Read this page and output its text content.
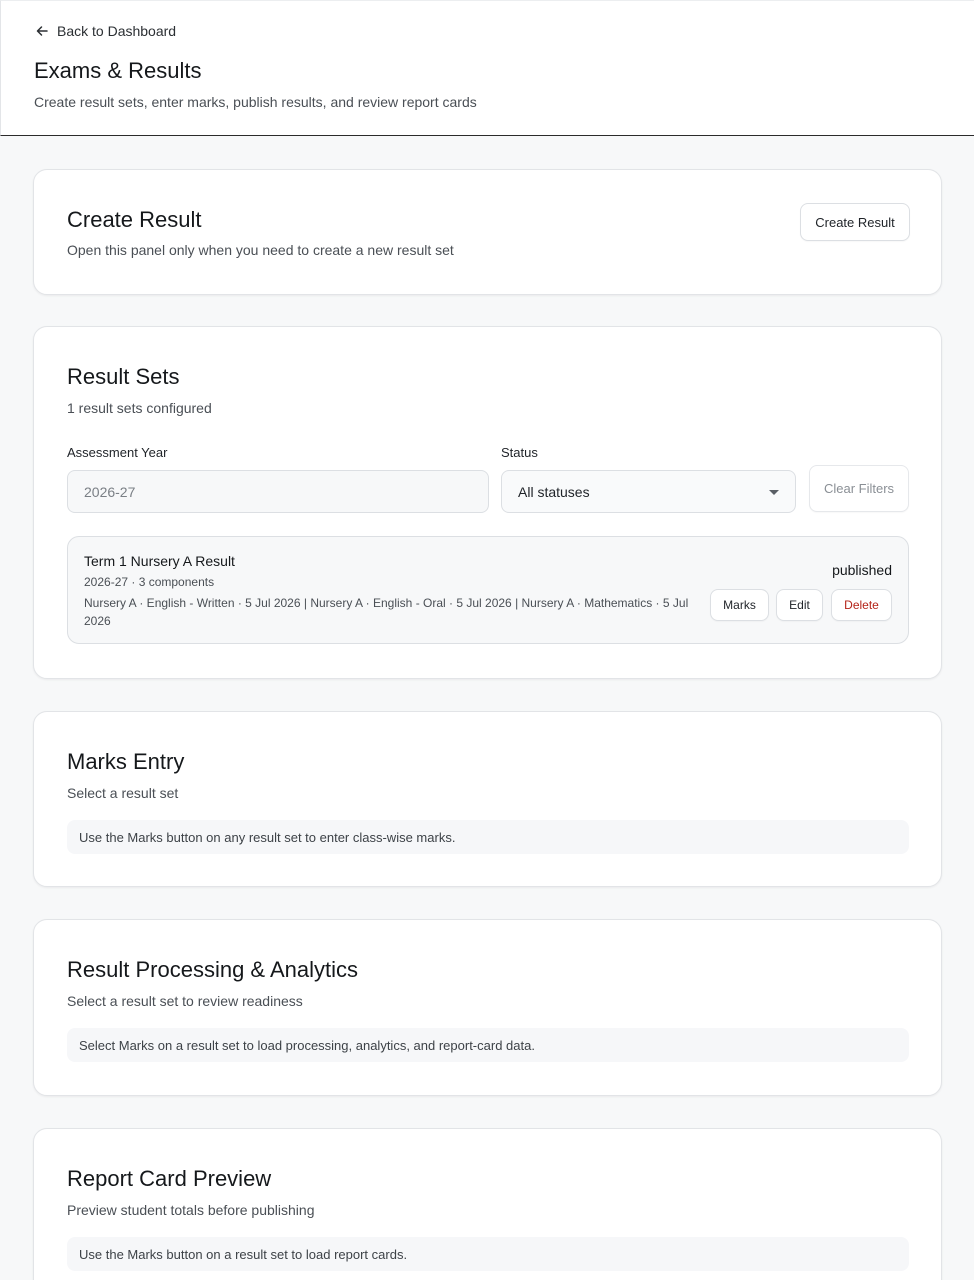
Back to Dashboard
Exams & Results

Create result sets, enter marks, publish results, and review report cards

Create Result

Open this panel only when you need to create a new result set

Create Result
Result Sets

1 result sets configured

Assessment Year
2026-27
Status
All statuses	Clear Filters
Term 1 Nursery A Result
2026-27 · 3 components
Nursery A · English - Written · 5 Jul 2026 | Nursery A · English - Oral · 5 Jul 2026 | Nursery A · Mathematics · 5 Jul 2026
published
Marks	Edit	Delete
Marks Entry

Select a result set

Use the Marks button on any result set to enter class-wise marks.
Result Processing & Analytics

Select a result set to review readiness

Select Marks on a result set to load processing, analytics, and report-card data.
Report Card Preview

Preview student totals before publishing

Use the Marks button on a result set to load report cards.
